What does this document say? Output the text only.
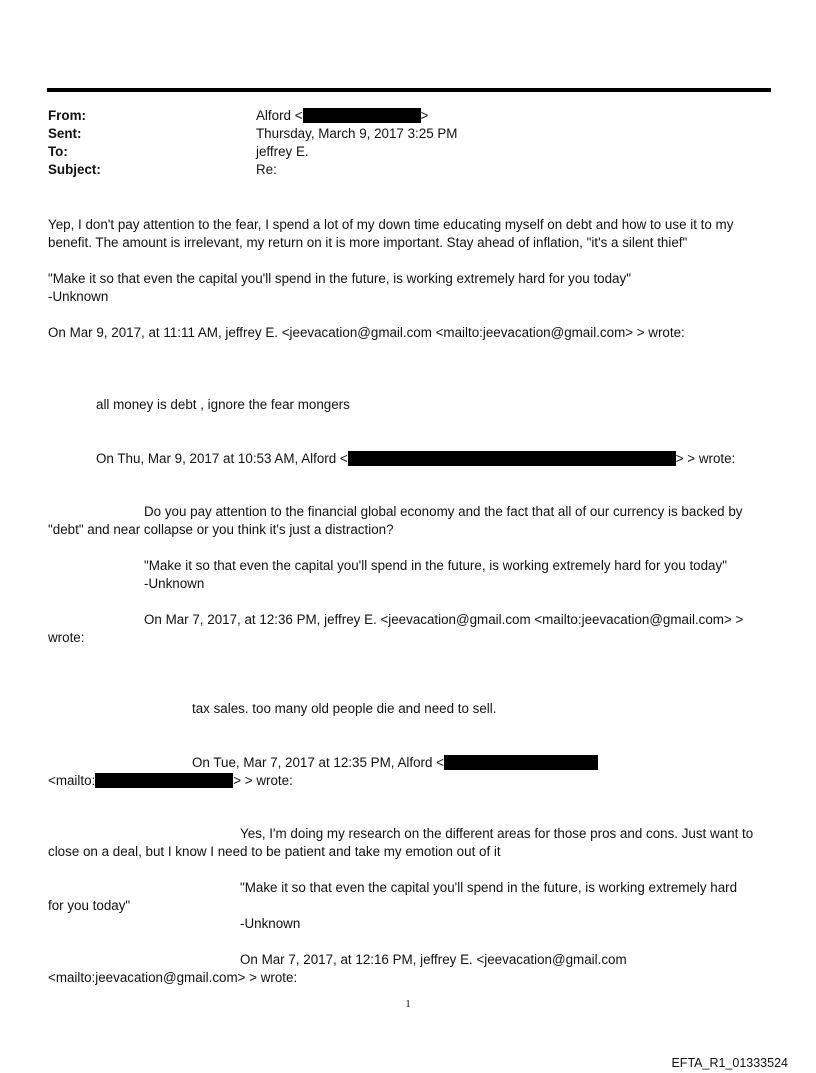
From:	Alford <	>
Sent:	Thursday, March 9, 2017 3:25 PM
To:	jeffrey E.
Subject:	Re:
Yep, I don't pay attention to the fear, I spend a lot of my down time educating myself on debt and how to use it to my
benefit. The amount is irrelevant, my return on it is more important. Stay ahead of inflation, "it's a silent thief"
"Make it so that even the capital you'll spend in the future, is working extremely hard for you today"
-Unknown
On Mar 9, 2017, at 11:11 AM, jeffrey E. <jeevacation@gmail.com <mailto:jeevacation@gmail.com> > wrote:
all money is debt , ignore the fear mongers
On Thu, Mar 9, 2017 at 10:53 AM, Alford <	> > wrote:
Do you pay attention to the financial global economy and the fact that all of our currency is backed by
"debt" and near collapse or you think it's just a distraction?
"Make it so that even the capital you'll spend in the future, is working extremely hard for you today"
-Unknown
On Mar 7, 2017, at 12:36 PM, jeffrey E. <jeevacation@gmail.com <mailto:jeevacation@gmail.com> >
wrote:
tax sales. too many old people die and need to sell.
On Tue, Mar 7, 2017 at 12:35 PM, Alford <
<mailto:	> > wrote:
Yes, I'm doing my research on the different areas for those pros and cons. Just want to
close on a deal, but I know I need to be patient and take my emotion out of it
"Make it so that even the capital you'll spend in the future, is working extremely hard
for you today"
-Unknown
On Mar 7, 2017, at 12:16 PM, jeffrey E. <jeevacation@gmail.com
<mailto:jeevacation@gmail.com> > wrote:
1
EFTA_R1_01333524
